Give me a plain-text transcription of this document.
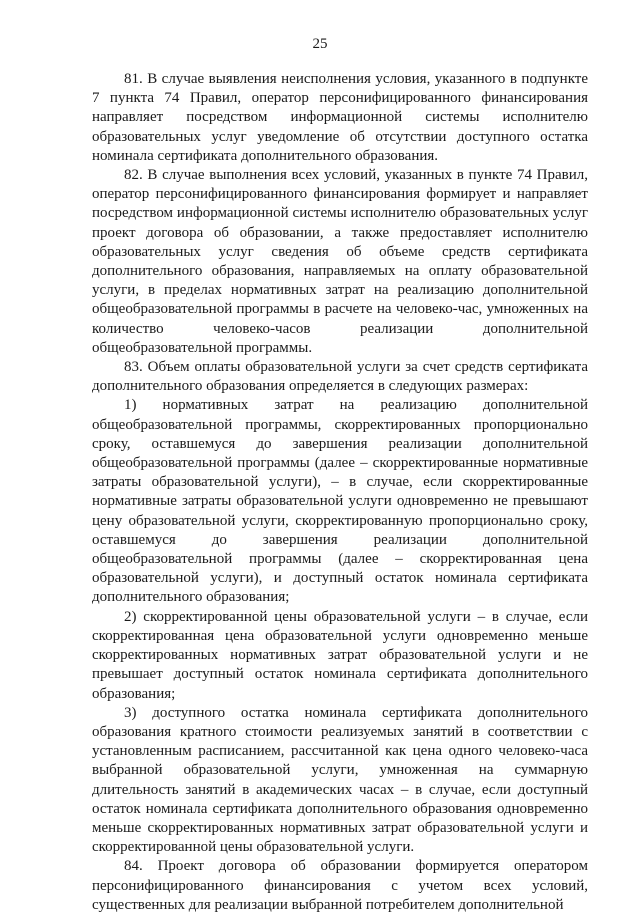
25

81. В случае выявления неисполнения условия, указанного в подпункте 7 пункта 74 Правил, оператор персонифицированного финансирования направляет посредством информационной системы исполнителю образовательных услуг уведомление об отсутствии доступного остатка номинала сертификата дополнительного образования.

82. В случае выполнения всех условий, указанных в пункте 74 Правил, оператор персонифицированного финансирования формирует и направляет посредством информационной системы исполнителю образовательных услуг проект договора об образовании, а также предоставляет исполнителю образовательных услуг сведения об объеме средств сертификата дополнительного образования, направляемых на оплату образовательной услуги, в пределах нормативных затрат на реализацию дополнительной общеобразовательной программы в расчете на человеко-час, умноженных на количество человеко-часов реализации дополнительной общеобразовательной программы.

83. Объем оплаты образовательной услуги за счет средств сертификата дополнительного образования определяется в следующих размерах:

1) нормативных затрат на реализацию дополнительной общеобразовательной программы, скорректированных пропорционально сроку, оставшемуся до завершения реализации дополнительной общеобразовательной программы (далее – скорректированные нормативные затраты образовательной услуги), – в случае, если скорректированные нормативные затраты образовательной услуги одновременно не превышают цену образовательной услуги, скорректированную пропорционально сроку, оставшемуся до завершения реализации дополнительной общеобразовательной программы (далее – скорректированная цена образовательной услуги), и доступный остаток номинала сертификата дополнительного образования;

2) скорректированной цены образовательной услуги – в случае, если скорректированная цена образовательной услуги одновременно меньше скорректированных нормативных затрат образовательной услуги и не превышает доступный остаток номинала сертификата дополнительного образования;

3) доступного остатка номинала сертификата дополнительного образования кратного стоимости реализуемых занятий в соответствии с установленным расписанием, рассчитанной как цена одного человеко-часа выбранной образовательной услуги, умноженная на суммарную длительность занятий в академических часах – в случае, если доступный остаток номинала сертификата дополнительного образования одновременно меньше скорректированных нормативных затрат образовательной услуги и скорректированной цены образовательной услуги.

84. Проект договора об образовании формируется оператором персонифицированного финансирования с учетом всех условий, существенных для реализации выбранной потребителем дополнительной
